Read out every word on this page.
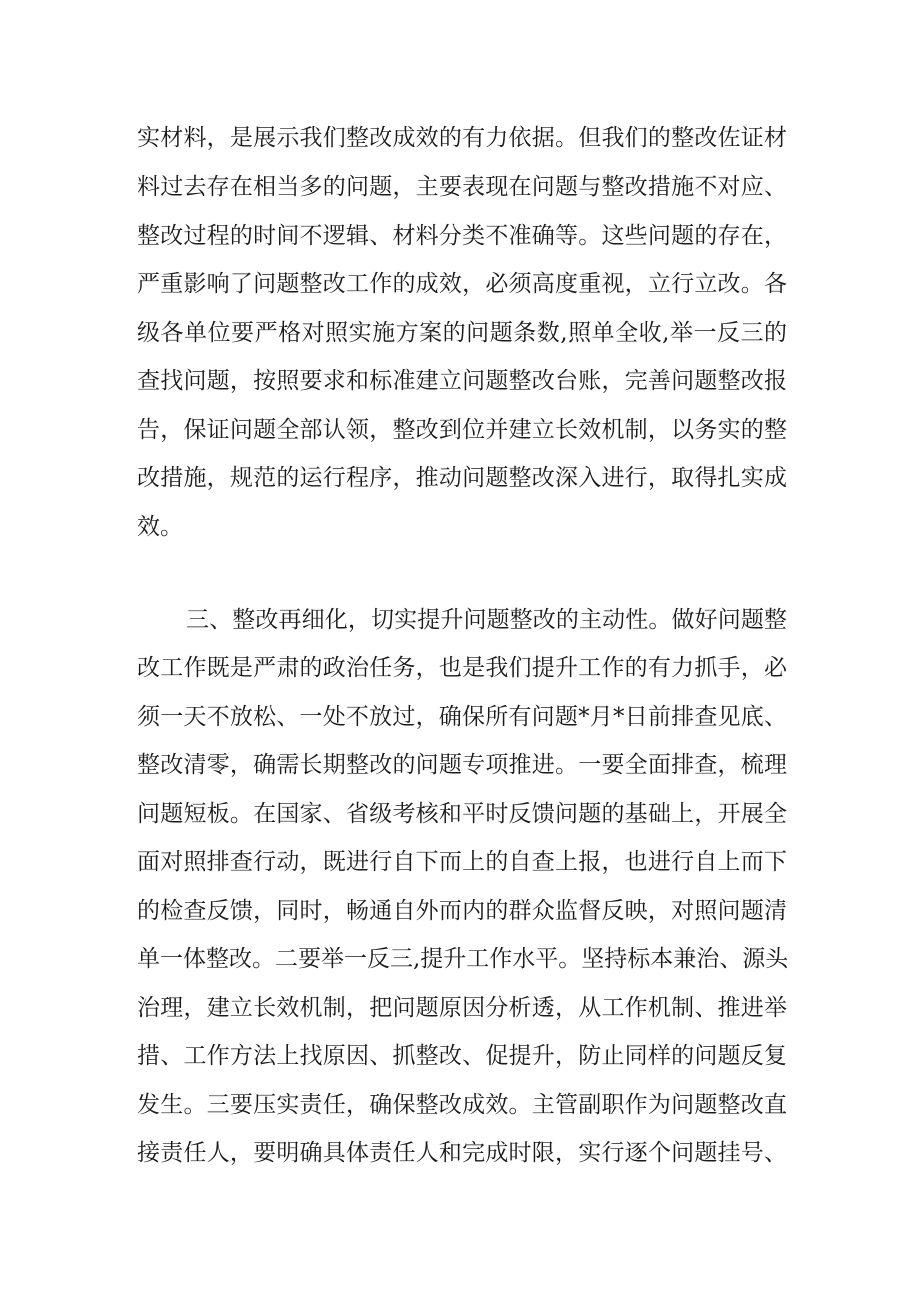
实材料，是展示我们整改成效的有力依据。但我们的整改佐证材
料过去存在相当多的问题，主要表现在问题与整改措施不对应、
整改过程的时间不逻辑、材料分类不准确等。这些问题的存在，
严重影响了问题整改工作的成效，必须高度重视，立行立改。各
级各单位要严格对照实施方案的问题条数,照单全收,举一反三的
查找问题，按照要求和标准建立问题整改台账，完善问题整改报
告，保证问题全部认领，整改到位并建立长效机制，以务实的整
改措施，规范的运行程序，推动问题整改深入进行，取得扎实成
效。
三、整改再细化，切实提升问题整改的主动性。做好问题整
改工作既是严肃的政治任务，也是我们提升工作的有力抓手，必
须一天不放松、一处不放过，确保所有问题*月*日前排查见底、
整改清零，确需长期整改的问题专项推进。一要全面排查，梳理
问题短板。在国家、省级考核和平时反馈问题的基础上，开展全
面对照排查行动，既进行自下而上的自查上报，也进行自上而下
的检查反馈，同时，畅通自外而内的群众监督反映，对照问题清
单一体整改。二要举一反三,提升工作水平。坚持标本兼治、源头
治理，建立长效机制，把问题原因分析透，从工作机制、推进举
措、工作方法上找原因、抓整改、促提升，防止同样的问题反复
发生。三要压实责任，确保整改成效。主管副职作为问题整改直
接责任人，要明确具体责任人和完成时限，实行逐个问题挂号、
